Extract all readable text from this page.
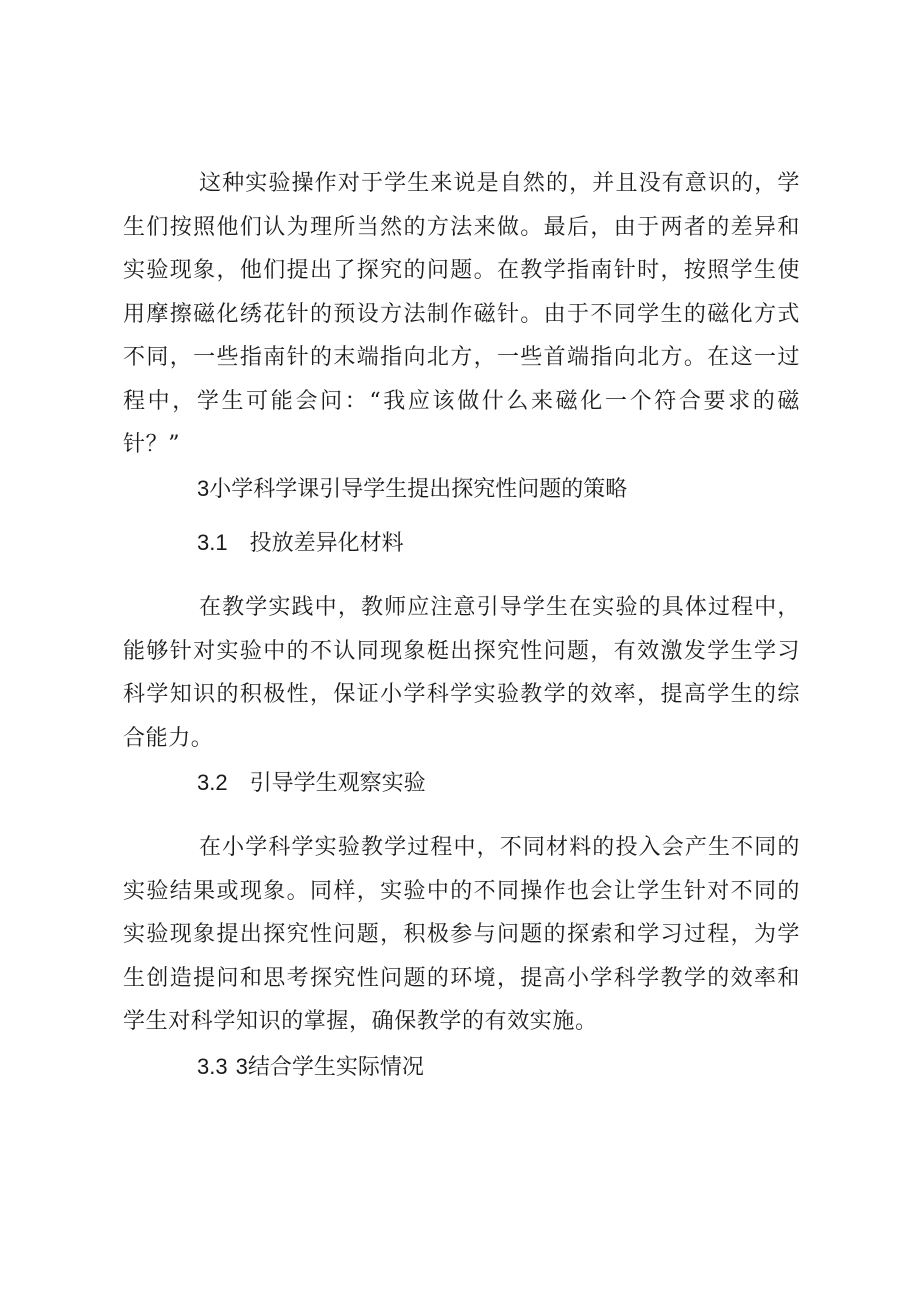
这种实验操作对于学生来说是自然的，并且没有意识的，学生们按照他们认为理所当然的方法来做。最后，由于两者的差异和实验现象，他们提出了探究的问题。在教学指南针时，按照学生使用摩擦磁化绣花针的预设方法制作磁针。由于不同学生的磁化方式不同，一些指南针的末端指向北方，一些首端指向北方。在这一过程中，学生可能会问：“我应该做什么来磁化一个符合要求的磁针？”

3小学科学课引导学生提出探究性问题的策略
3.1 投放差异化材料

在教学实践中，教师应注意引导学生在实验的具体过程中，能够针对实验中的不认同现象梃出探究性问题，有效激发学生学习科学知识的积极性，保证小学科学实验教学的效率，提高学生的综合能力。

3.2 引导学生观察实验

在小学科学实验教学过程中，不同材料的投入会产生不同的实验结果或现象。同样，实验中的不同操作也会让学生针对不同的实验现象提出探究性问题，积极参与问题的探索和学习过程，为学生创造提问和思考探究性问题的环境，提高小学科学教学的效率和学生对科学知识的掌握，确保教学的有效实施。

3.3 3结合学生实际情况
